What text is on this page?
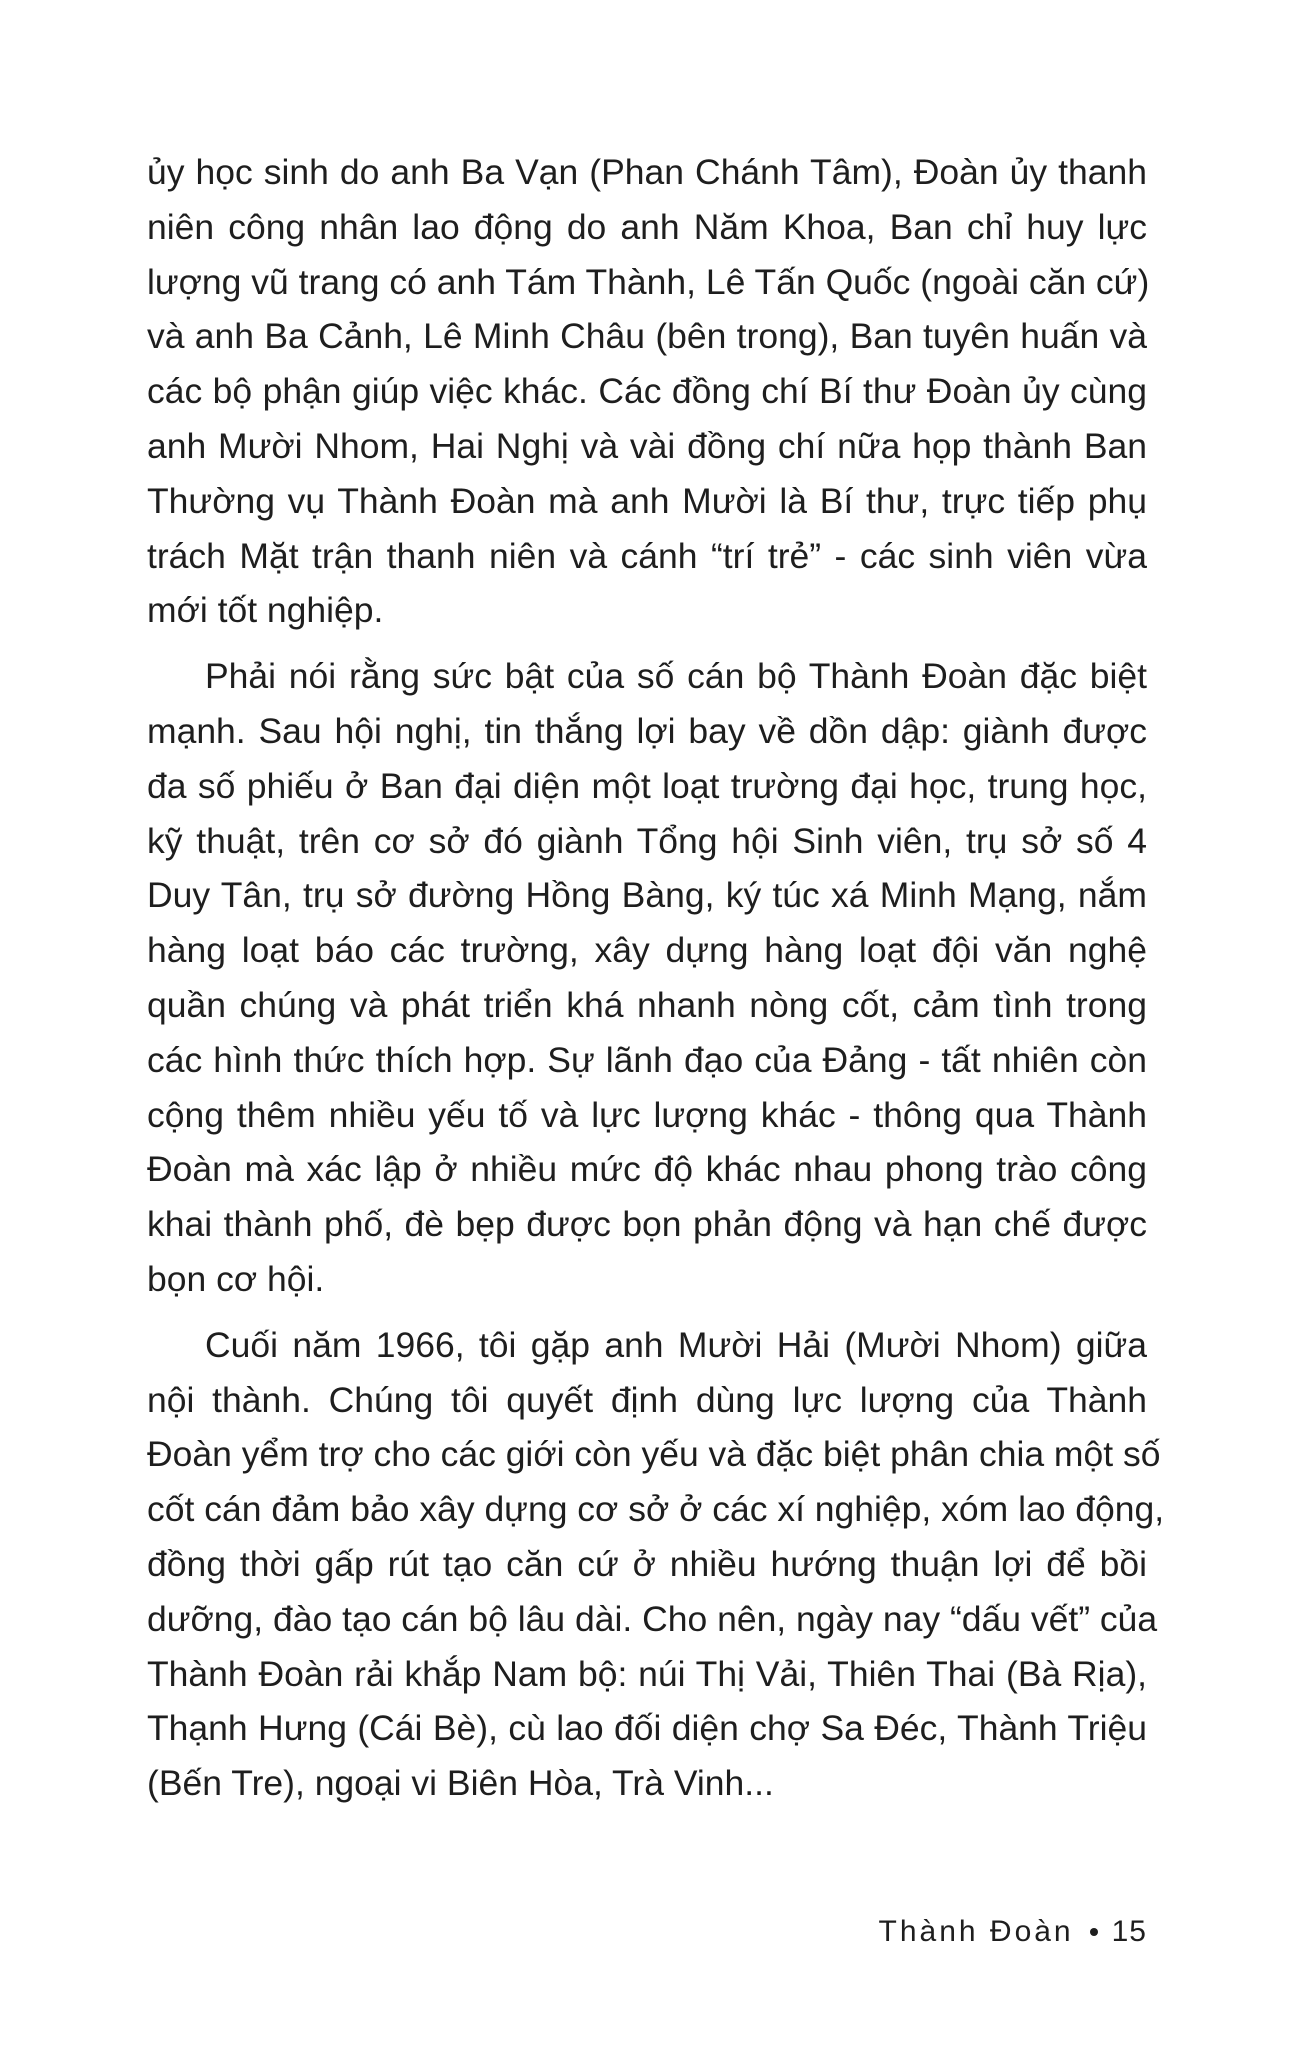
ủy học sinh do anh Ba Vạn (Phan Chánh Tâm), Đoàn ủy thanh
niên công nhân lao động do anh Năm Khoa, Ban chỉ huy lực
lượng vũ trang có anh Tám Thành, Lê Tấn Quốc (ngoài căn cứ)
và anh Ba Cảnh, Lê Minh Châu (bên trong), Ban tuyên huấn và
các bộ phận giúp việc khác. Các đồng chí Bí thư Đoàn ủy cùng
anh Mười Nhom, Hai Nghị và vài đồng chí nữa họp thành Ban
Thường vụ Thành Đoàn mà anh Mười là Bí thư, trực tiếp phụ
trách Mặt trận thanh niên và cánh “trí trẻ” - các sinh viên vừa
mới tốt nghiệp.
Phải nói rằng sức bật của số cán bộ Thành Đoàn đặc biệt
mạnh. Sau hội nghị, tin thắng lợi bay về dồn dập: giành được
đa số phiếu ở Ban đại diện một loạt trường đại học, trung học,
kỹ thuật, trên cơ sở đó giành Tổng hội Sinh viên, trụ sở số 4
Duy Tân, trụ sở đường Hồng Bàng, ký túc xá Minh Mạng, nắm
hàng loạt báo các trường, xây dựng hàng loạt đội văn nghệ
quần chúng và phát triển khá nhanh nòng cốt, cảm tình trong
các hình thức thích hợp. Sự lãnh đạo của Đảng - tất nhiên còn
cộng thêm nhiều yếu tố và lực lượng khác - thông qua Thành
Đoàn mà xác lập ở nhiều mức độ khác nhau phong trào công
khai thành phố, đè bẹp được bọn phản động và hạn chế được
bọn cơ hội.
Cuối năm 1966, tôi gặp anh Mười Hải (Mười Nhom) giữa
nội thành. Chúng tôi quyết định dùng lực lượng của Thành
Đoàn yểm trợ cho các giới còn yếu và đặc biệt phân chia một số
cốt cán đảm bảo xây dựng cơ sở ở các xí nghiệp, xóm lao động,
đồng thời gấp rút tạo căn cứ ở nhiều hướng thuận lợi để bồi
dưỡng, đào tạo cán bộ lâu dài. Cho nên, ngày nay “dấu vết” của
Thành Đoàn rải khắp Nam bộ: núi Thị Vải, Thiên Thai (Bà Rịa),
Thạnh Hưng (Cái Bè), cù lao đối diện chợ Sa Đéc, Thành Triệu
(Bến Tre), ngoại vi Biên Hòa, Trà Vinh...
Thành Đoàn 15
